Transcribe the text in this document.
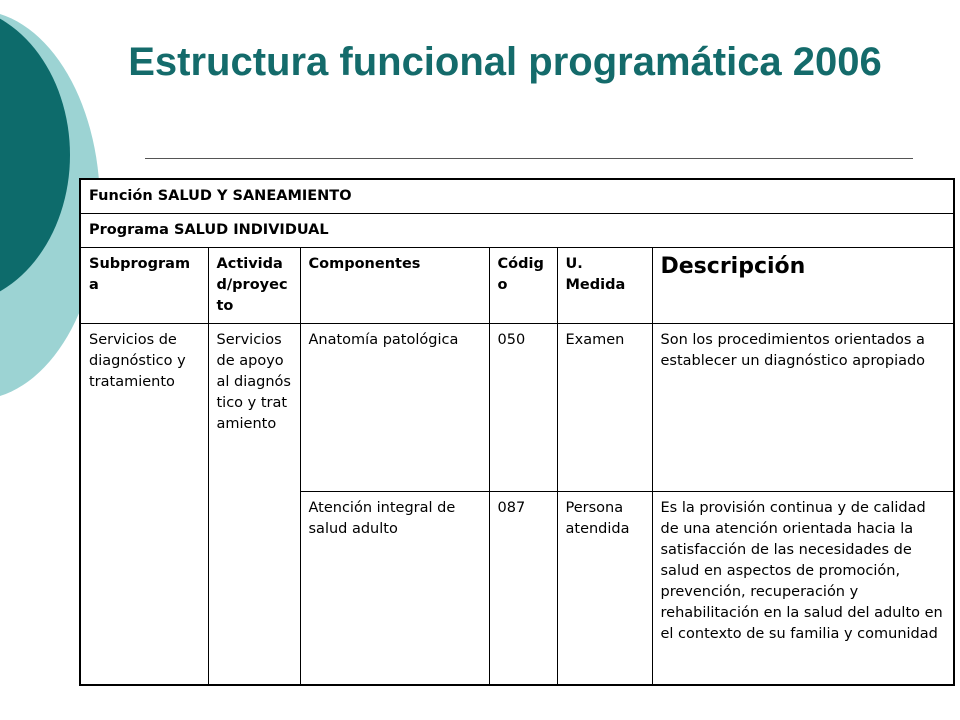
Estructura funcional programática 2006
Función SALUD Y SANEAMIENTO					
Programa SALUD INDIVIDUAL					
Subprograma	Actividad/proyecto	Componentes	Código	U. Medida	Descripción
Servicios de diagnóstico y tratamiento	Servicios de apoyo al diagnóstico y tratamiento	Anatomía patológica	050	Examen	Son los procedimientos orientados a establecer un diagnóstico apropiado
		Atención integral de salud adulto	087	Persona atendida	Es la provisión continua y de calidad de una atención orientada hacia la satisfacción de las necesidades de salud en aspectos de promoción, prevención, recuperación y rehabilitación en la salud del adulto en el contexto de su familia y comunidad
